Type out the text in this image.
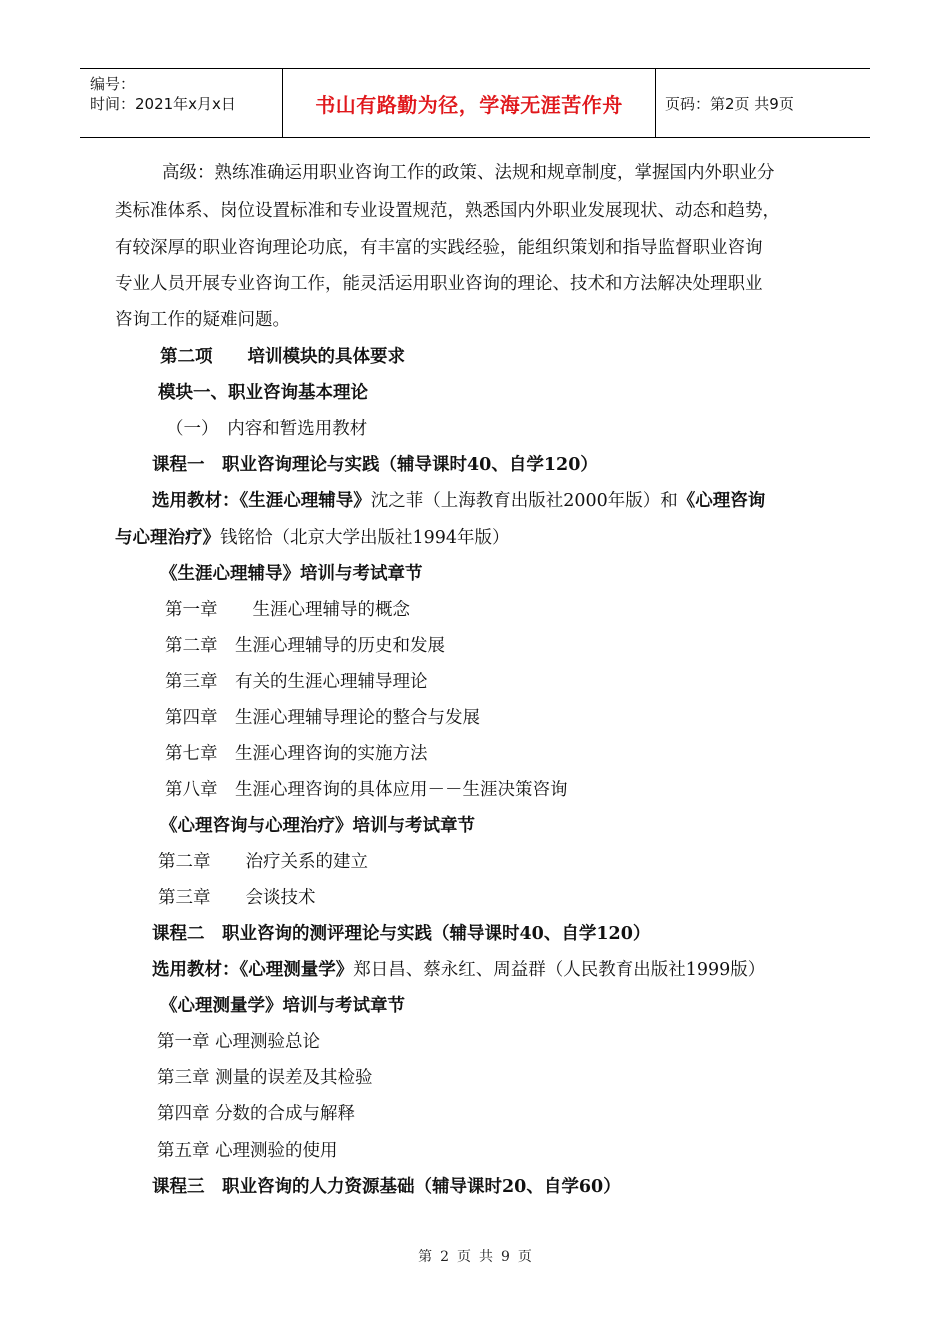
编号：
时间：2021年x月x日	书山有路勤为径，学海无涯苦作舟	页码：第2页 共9页
高级：熟练准确运用职业咨询工作的政策、法规和规章制度，掌握国内外职业分
类标准体系、岗位设置标准和专业设置规范，熟悉国内外职业发展现状、动态和趋势，
有较深厚的职业咨询理论功底，有丰富的实践经验，能组织策划和指导监督职业咨询
专业人员开展专业咨询工作，能灵活运用职业咨询的理论、技术和方法解决处理职业
咨询工作的疑难问题。
第二项　　培训模块的具体要求
模块一、职业咨询基本理论
（一）　内容和暂选用教材
课程一　职业咨询理论与实践（辅导课时40、自学120）
选用教材：《生涯心理辅导》沈之菲（上海教育出版社2000年版）和《心理咨询
与心理治疗》钱铭恰（北京大学出版社1994年版）
《生涯心理辅导》培训与考试章节
第一章　　生涯心理辅导的概念
第二章　生涯心理辅导的历史和发展
第三章　有关的生涯心理辅导理论
第四章　生涯心理辅导理论的整合与发展
第七章　生涯心理咨询的实施方法
第八章　生涯心理咨询的具体应用－－生涯决策咨询
《心理咨询与心理治疗》培训与考试章节
第二章　　治疗关系的建立
第三章　　会谈技术
课程二　职业咨询的测评理论与实践（辅导课时40、自学120）
选用教材：《心理测量学》郑日昌、蔡永红、周益群（人民教育出版社1999版）
《心理测量学》培训与考试章节
第一章 心理测验总论
第三章 测量的误差及其检验
第四章 分数的合成与解释
第五章 心理测验的使用
课程三　职业咨询的人力资源基础（辅导课时20、自学60）
第 2 页 共 9 页
